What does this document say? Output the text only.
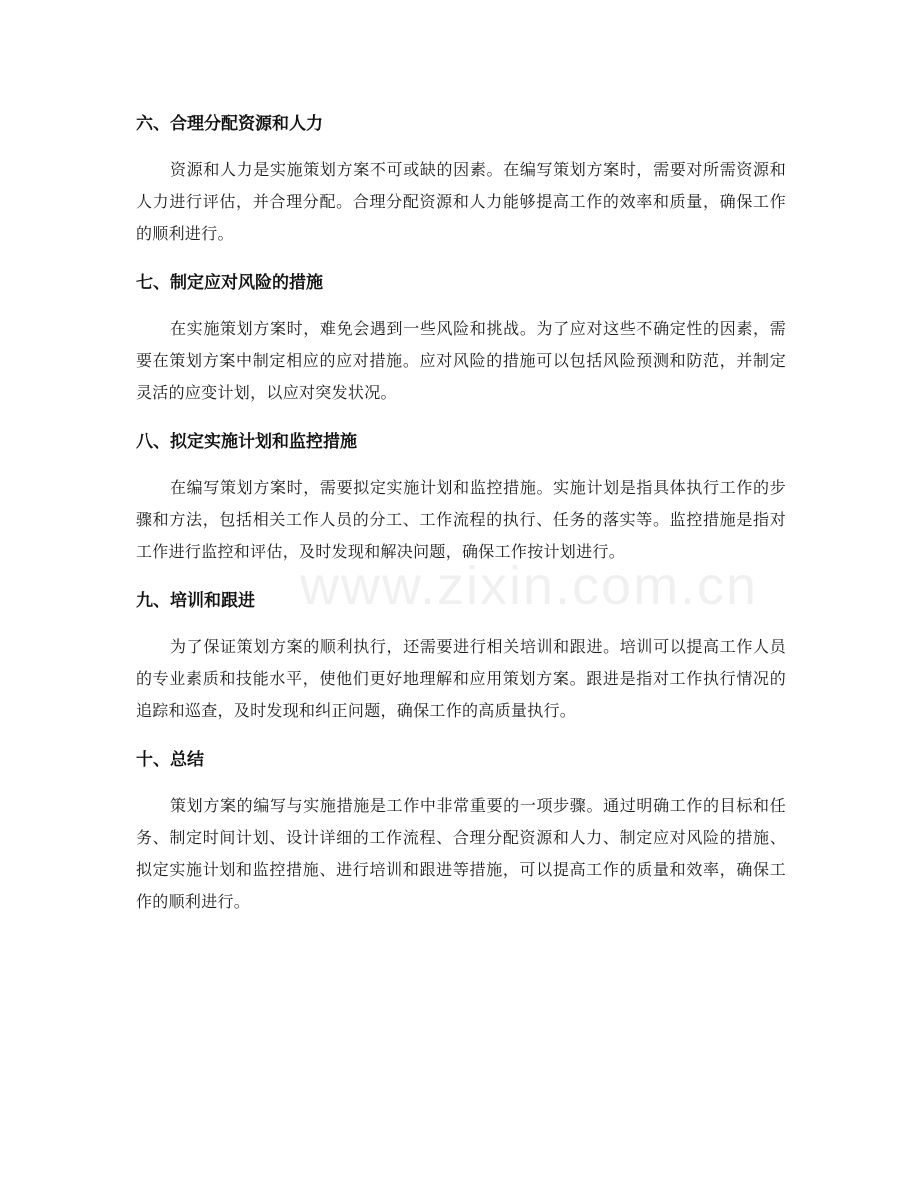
www.zixin.com.cn
六、合理分配资源和人力

资源和人力是实施策划方案不可或缺的因素。在编写策划方案时，需要对所需资源和人力进行评估，并合理分配。合理分配资源和人力能够提高工作的效率和质量，确保工作的顺利进行。

七、制定应对风险的措施

在实施策划方案时，难免会遇到一些风险和挑战。为了应对这些不确定性的因素，需要在策划方案中制定相应的应对措施。应对风险的措施可以包括风险预测和防范，并制定灵活的应变计划，以应对突发状况。

八、拟定实施计划和监控措施

在编写策划方案时，需要拟定实施计划和监控措施。实施计划是指具体执行工作的步骤和方法，包括相关工作人员的分工、工作流程的执行、任务的落实等。监控措施是指对工作进行监控和评估，及时发现和解决问题，确保工作按计划进行。

九、培训和跟进

为了保证策划方案的顺利执行，还需要进行相关培训和跟进。培训可以提高工作人员的专业素质和技能水平，使他们更好地理解和应用策划方案。跟进是指对工作执行情况的追踪和巡查，及时发现和纠正问题，确保工作的高质量执行。

十、总结

策划方案的编写与实施措施是工作中非常重要的一项步骤。通过明确工作的目标和任务、制定时间计划、设计详细的工作流程、合理分配资源和人力、制定应对风险的措施、拟定实施计划和监控措施、进行培训和跟进等措施，可以提高工作的质量和效率，确保工作的顺利进行。
